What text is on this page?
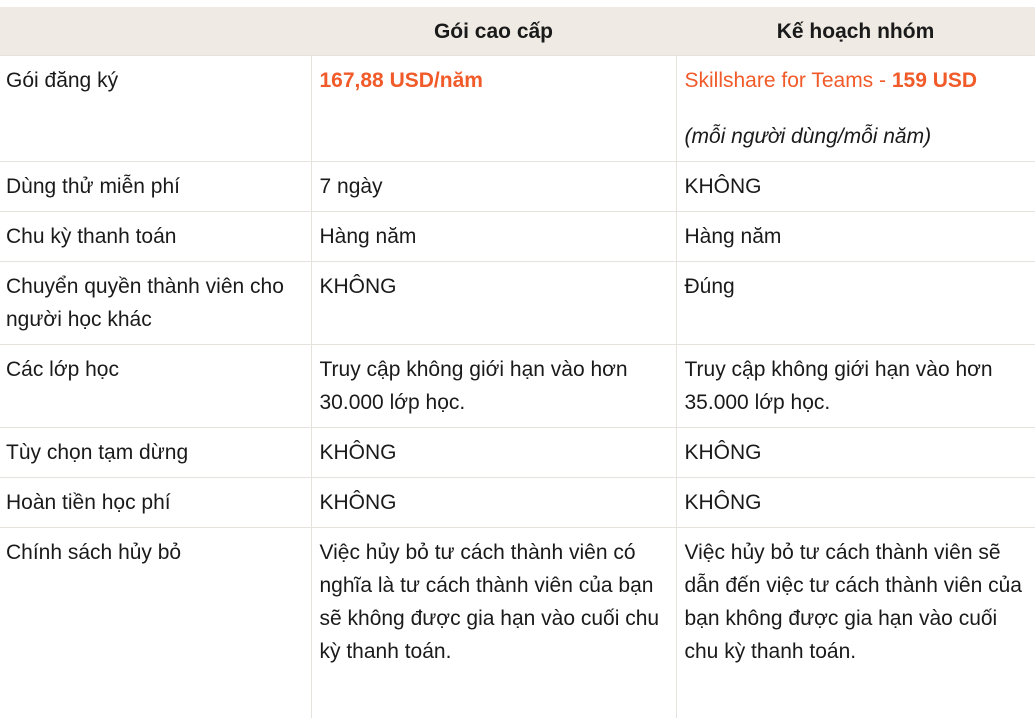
	Gói cao cấp	Kế hoạch nhóm
Gói đăng ký	167,88 USD/năm	Skillshare for Teams - 159 USD
(mỗi người dùng/mỗi năm)

Dùng thử miễn phí	7 ngày	KHÔNG
Chu kỳ thanh toán	Hàng năm	Hàng năm
Chuyển quyền thành viên cho người học khác	KHÔNG	Đúng
Các lớp học	Truy cập không giới hạn vào hơn 30.000 lớp học.	Truy cập không giới hạn vào hơn 35.000 lớp học.
Tùy chọn tạm dừng	KHÔNG	KHÔNG
Hoàn tiền học phí	KHÔNG	KHÔNG
Chính sách hủy bỏ	Việc hủy bỏ tư cách thành viên có nghĩa là tư cách thành viên của bạn sẽ không được gia hạn vào cuối chu kỳ thanh toán.	Việc hủy bỏ tư cách thành viên sẽ dẫn đến việc tư cách thành viên của bạn không được gia hạn vào cuối chu kỳ thanh toán.
